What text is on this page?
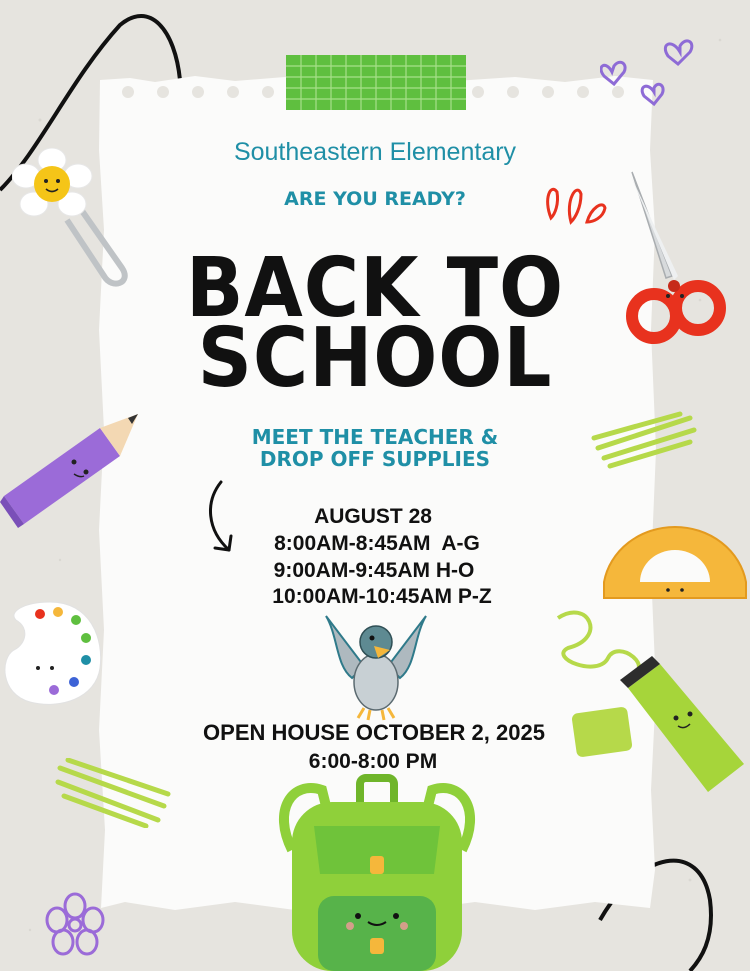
Southeastern Elementary
ARE YOU READY?
BACK TO
SCHOOL
MEET THE TEACHER &
DROP OFF SUPPLIES
AUGUST 28
8:00AM-8:45AM  A-G
9:00AM-9:45AM H-O
10:00AM-10:45AM P-Z
OPEN HOUSE OCTOBER 2, 2025
6:00-8:00 PM
